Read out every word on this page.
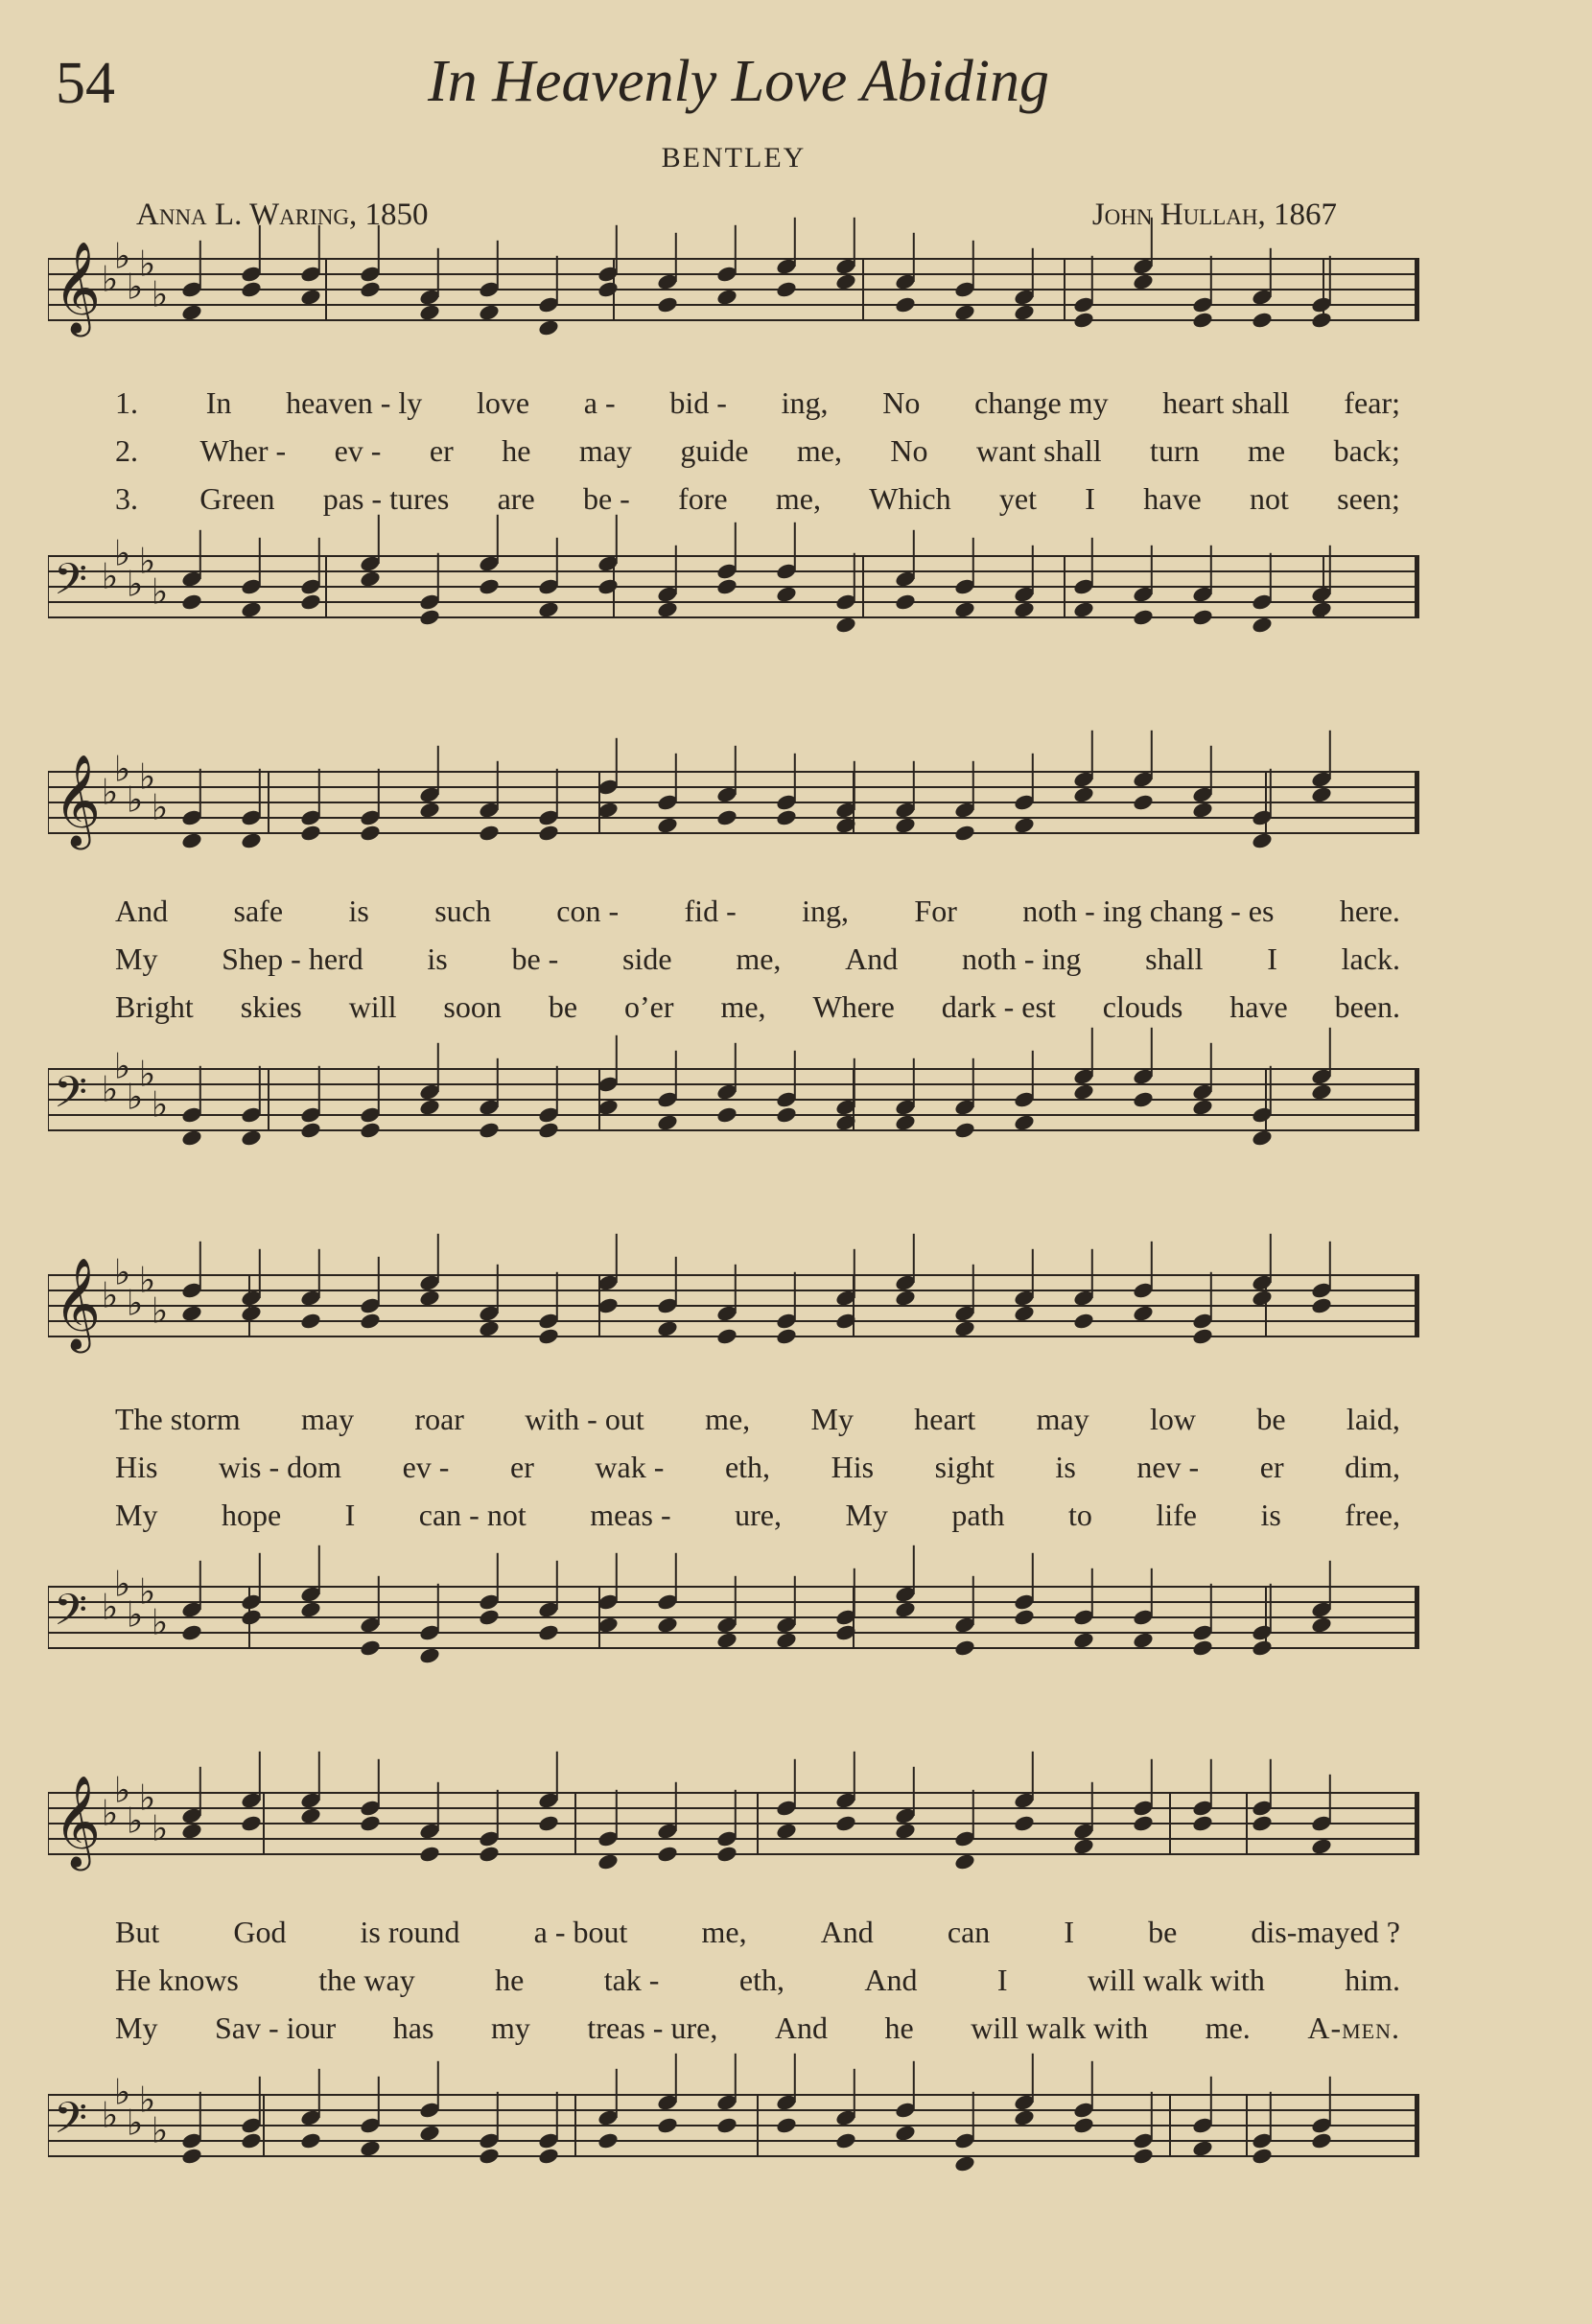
54	In Heavenly Love Abiding
BENTLEY
Anna L. Waring, 1850	John Hullah, 1867
𝄞 ♭
♭
♭
♭
♭
𝄢 ♭
♭
♭
♭
♭
1. In heaven - ly love a - bid - ing, No change my heart shall fear;
2. Wher - ev - er he may guide me, No want shall turn me back;
3. Green pas - tures are be - fore me, Which yet I have not seen;
𝄞 ♭
♭
♭
♭
♭
𝄢 ♭
♭
♭
♭
♭
And safe is such con - fid - ing, For noth - ing chang - es here.
My Shep - herd is be - side me, And noth - ing shall I lack.
Bright skies will soon be o’er me, Where dark - est clouds have been.
𝄞 ♭
♭
♭
♭
♭
𝄢 ♭
♭
♭
♭
♭
The storm may roar with - out me, My heart may low be laid,
His wis - dom ev - er wak - eth, His sight is nev - er dim,
My hope I can - not meas - ure, My path to life is free,
𝄞 ♭
♭
♭
♭
♭
𝄢 ♭
♭
♭
♭
♭
But God is round a - bout me, And can I be dis-mayed ?
He knows	the way	he	tak -	eth,	And	I	will walk with	him.
My Sav - iour has my treas - ure, And he will walk with me. A-men.
